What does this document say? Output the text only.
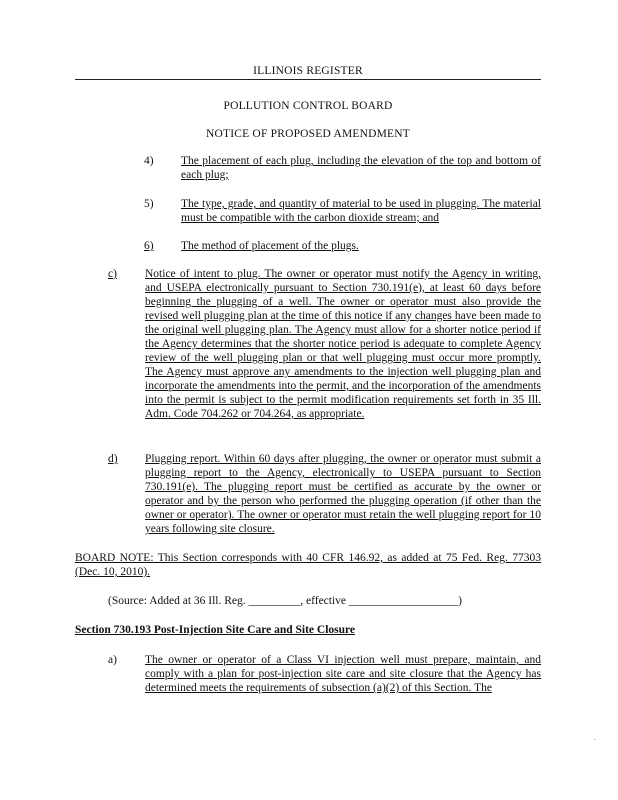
ILLINOIS REGISTER
POLLUTION CONTROL BOARD
NOTICE OF PROPOSED AMENDMENT
4) The placement of each plug, including the elevation of the top and bottom of each plug;
5) The type, grade, and quantity of material to be used in plugging. The material must be compatible with the carbon dioxide stream; and
6) The method of placement of the plugs.
c) Notice of intent to plug. The owner or operator must notify the Agency in writing, and USEPA electronically pursuant to Section 730.191(e), at least 60 days before beginning the plugging of a well. The owner or operator must also provide the revised well plugging plan at the time of this notice if any changes have been made to the original well plugging plan. The Agency must allow for a shorter notice period if the Agency determines that the shorter notice period is adequate to complete Agency review of the well plugging plan or that well plugging must occur more promptly. The Agency must approve any amendments to the injection well plugging plan and incorporate the amendments into the permit, and the incorporation of the amendments into the permit is subject to the permit modification requirements set forth in 35 Ill. Adm. Code 704.262 or 704.264, as appropriate.
d) Plugging report. Within 60 days after plugging, the owner or operator must submit a plugging report to the Agency, electronically to USEPA pursuant to Section 730.191(e). The plugging report must be certified as accurate by the owner or operator and by the person who performed the plugging operation (if other than the owner or operator). The owner or operator must retain the well plugging report for 10 years following site closure.
BOARD NOTE: This Section corresponds with 40 CFR 146.92, as added at 75 Fed. Reg. 77303 (Dec. 10, 2010).
(Source: Added at 36 Ill. Reg. _________, effective ___________________)
Section 730.193 Post-Injection Site Care and Site Closure
a) The owner or operator of a Class VI injection well must prepare, maintain, and comply with a plan for post-injection site care and site closure that the Agency has determined meets the requirements of subsection (a)(2) of this Section. The
.
